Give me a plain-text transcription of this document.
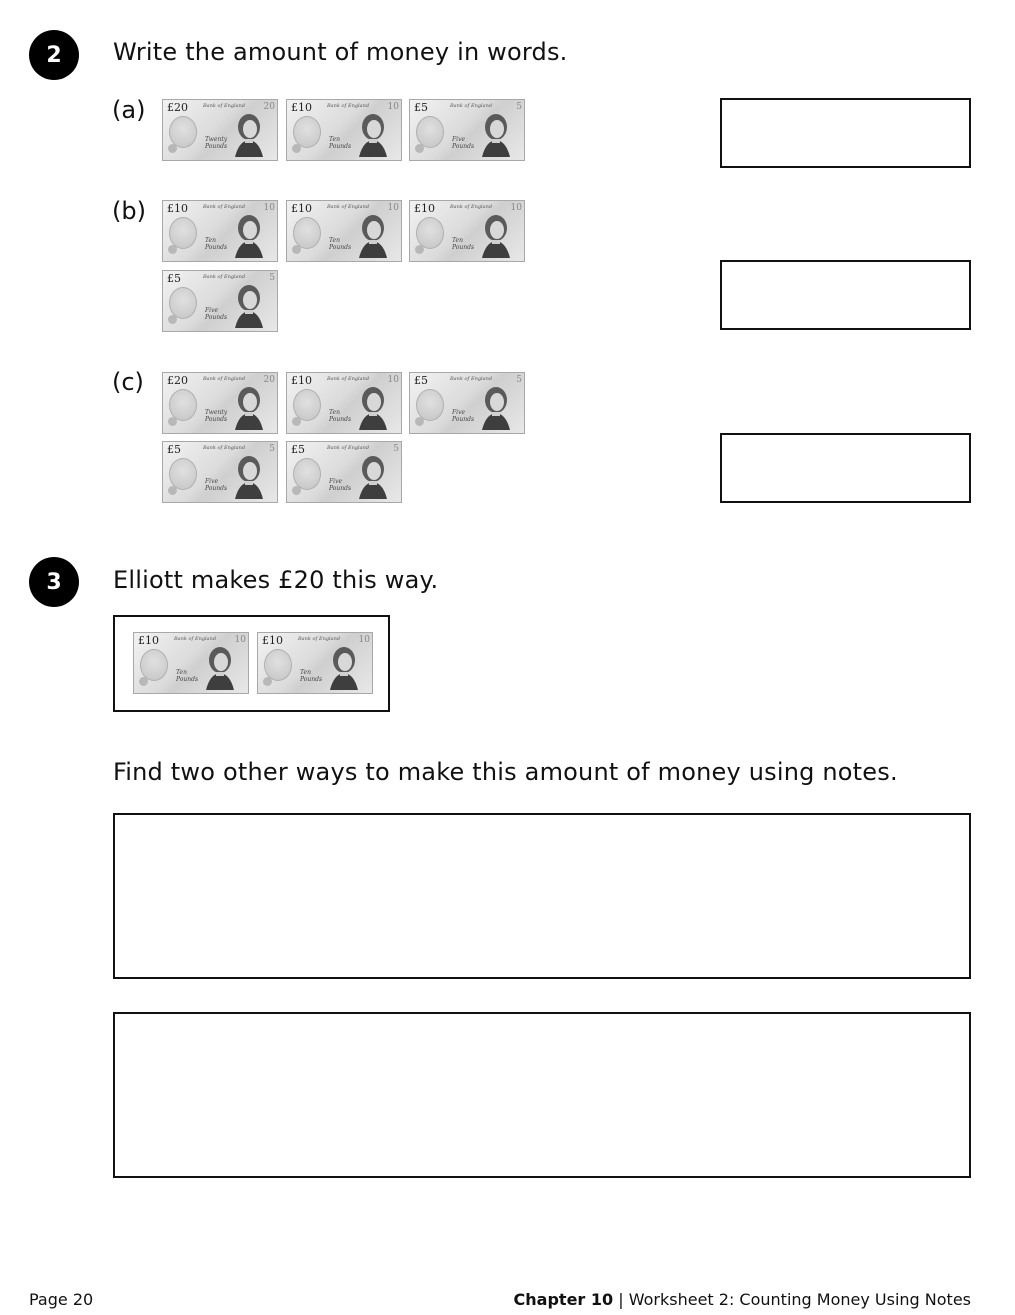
2 Write the amount of money in words.
(a)
(b)
(c)
Bank of England 20
£20
Twenty
Pounds
Bank of England 10
£10
Ten
Pounds
Bank of England	5
£5
Five
Pounds
Bank of England 10
£10
Ten
Pounds
Bank of England 10
£10
Ten
Pounds
Bank of England 10
£10
Ten
Pounds
Bank of England	5
£5
Five
Pounds
Bank of England 20
£20
Twenty
Pounds
Bank of England 10
£10
Ten
Pounds
Bank of England	5
£5
Five
Pounds
Bank of England	5
£5
Five
Pounds
Bank of England	5
£5
Five
Pounds
3 Elliott makes £20 this way.
Bank of England 10
£10
Ten
Pounds
Bank of England 10
£10
Ten
Pounds
Find two other ways to make this amount of money using notes.
Page 20	Chapter 10 | Worksheet 2: Counting Money Using Notes
